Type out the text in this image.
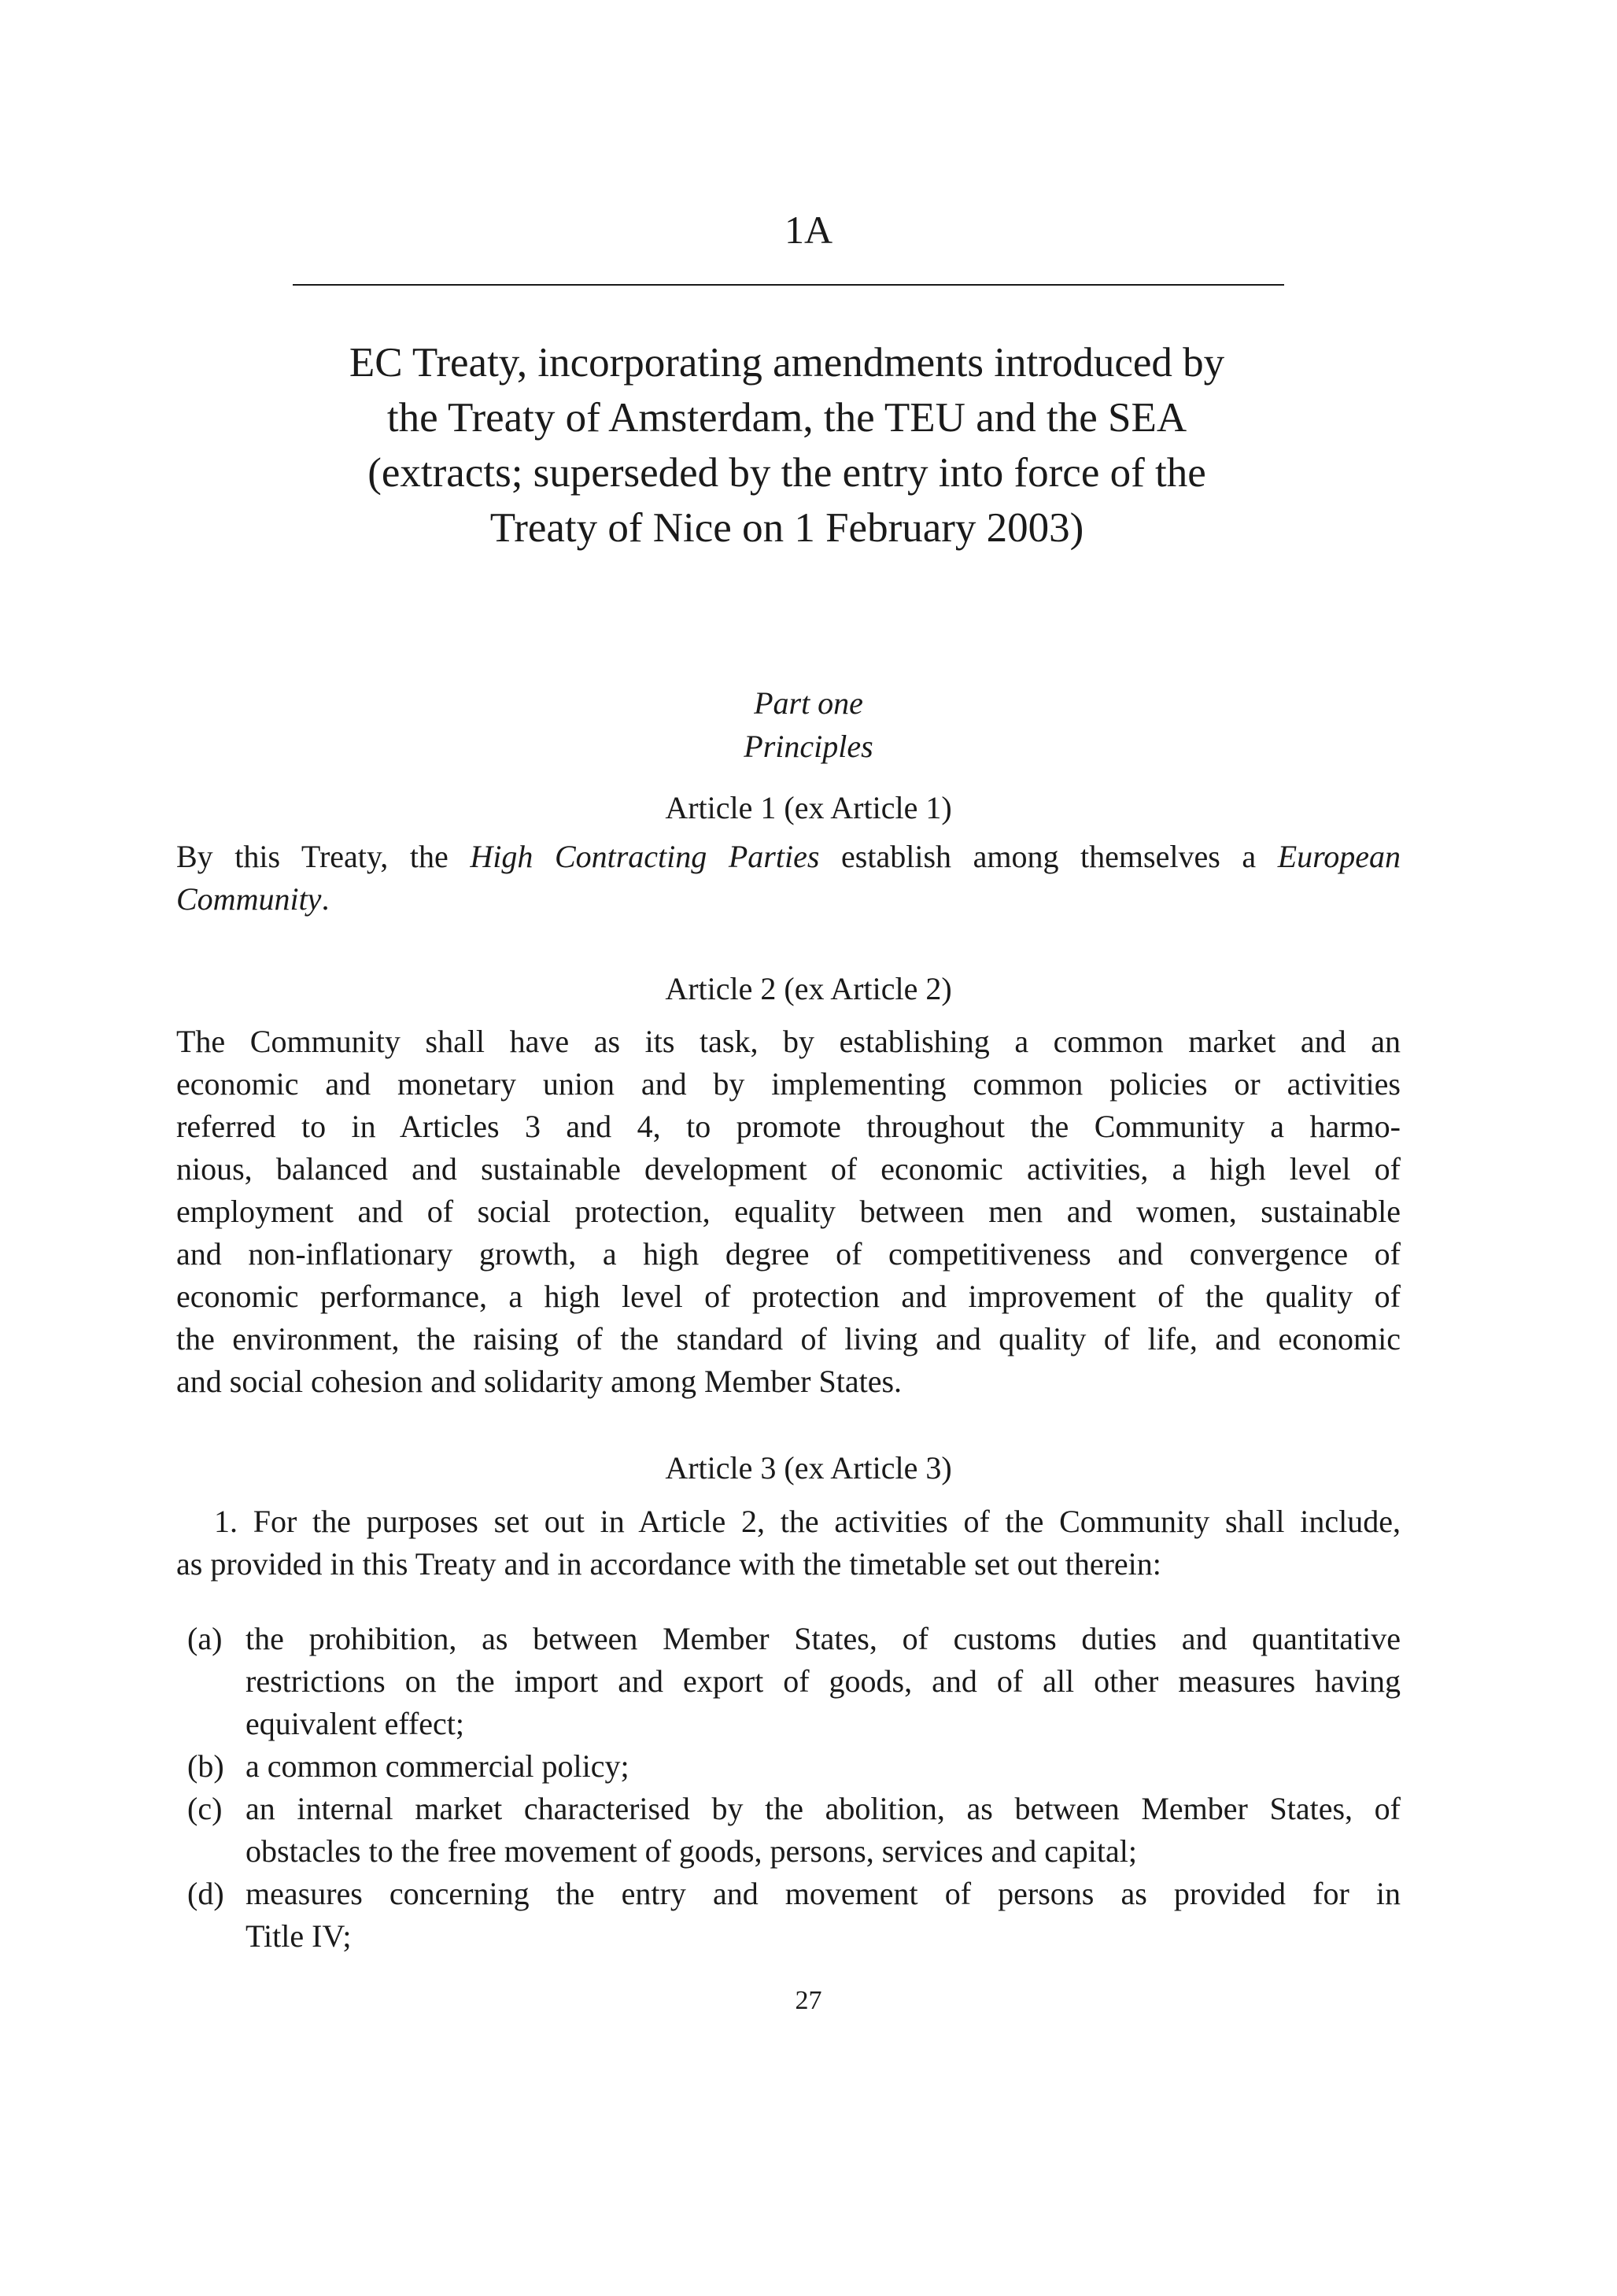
1A
EC Treaty, incorporating amendments introduced by
the Treaty of Amsterdam, the TEU and the SEA
(extracts; superseded by the entry into force of the
Treaty of Nice on 1 February 2003)
Part one
Principles
Article 1 (ex Article 1)
By this Treaty, the High Contracting Parties establish among themselves a European
Community.
Article 2 (ex Article 2)
The Community shall have as its task, by establishing a common market and an
economic and monetary union and by implementing common policies or activities
referred to in Articles 3 and 4, to promote throughout the Community a harmo-
nious, balanced and sustainable development of economic activities, a high level of
employment and of social protection, equality between men and women, sustainable
and non-inflationary growth, a high degree of competitiveness and convergence of
economic performance, a high level of protection and improvement of the quality of
the environment, the raising of the standard of living and quality of life, and economic
and social cohesion and solidarity among Member States.
Article 3 (ex Article 3)
1. For the purposes set out in Article 2, the activities of the Community shall include,
as provided in this Treaty and in accordance with the timetable set out therein:
(a) the prohibition, as between Member States, of customs duties and quantitative
restrictions on the import and export of goods, and of all other measures having
equivalent effect;
(b) a common commercial policy;
(c) an internal market characterised by the abolition, as between Member States, of
obstacles to the free movement of goods, persons, services and capital;
(d) measures concerning the entry and movement of persons as provided for in
Title IV;
27
